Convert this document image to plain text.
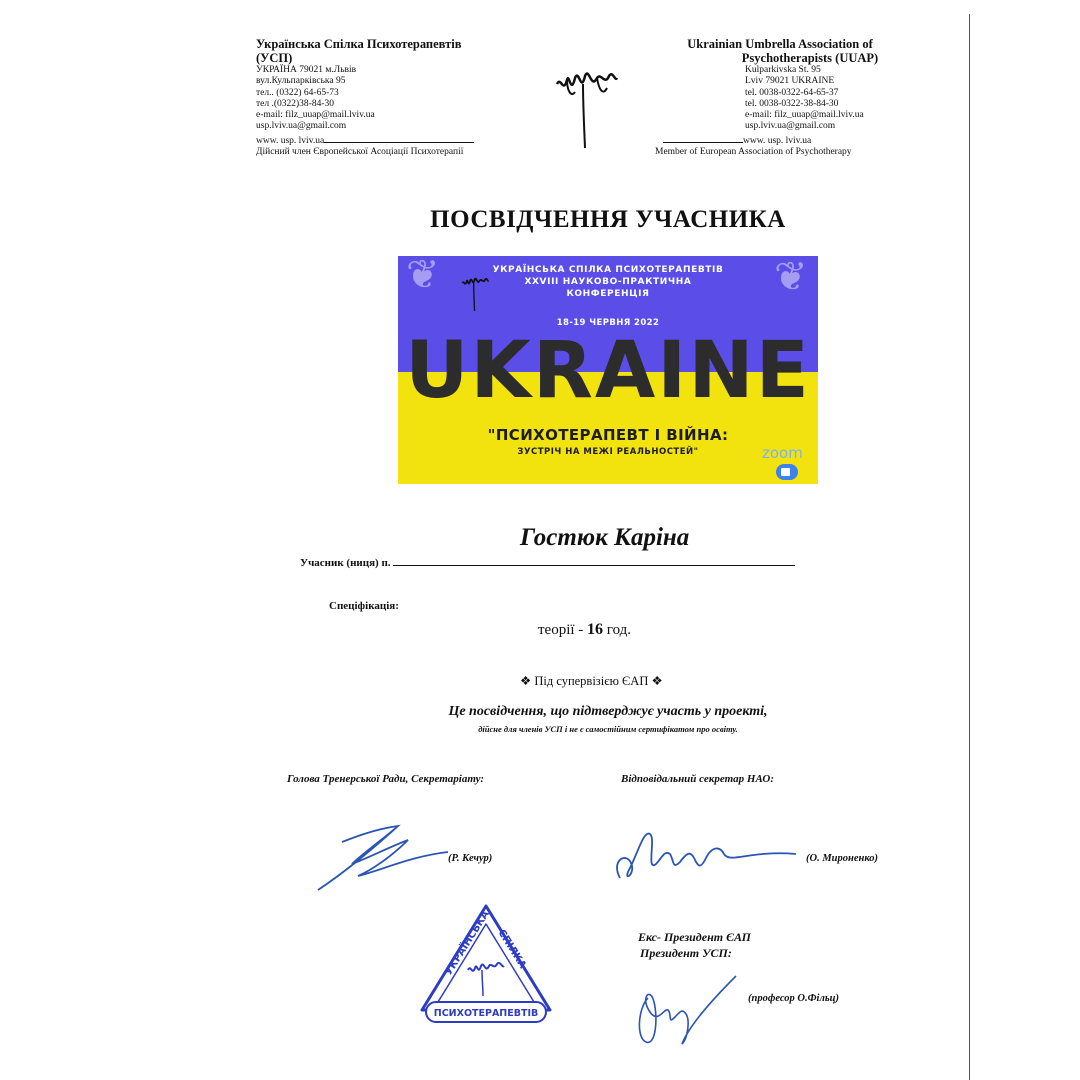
Українська Спілка Психотерапевтів
(УСП)
УКРАЇНА 79021 м.Львів
вул.Кульпарківська 95
тел.. (0322) 64-65-73
тел .(0322)38-84-30
e-mail: filz_uuap@mail.lviv.ua
usp.lviv.ua@gmail.com
www. usp. lviv.ua
Дійсний член Європейської Асоціації Психотерапії
Ukrainian Umbrella Association of
Psychotherapists (UUAP)
Kulparkivska St. 95
Lviv 79021 UKRAINE
tel. 0038-0322-64-65-37
tel. 0038-0322-38-84-30
e-mail: filz_uuap@mail.lviv.ua
usp.lviv.ua@gmail.com
www. usp. lviv.ua
Member of European Association of Psychotherapy
ПОСВІДЧЕННЯ УЧАСНИКА
❦	❦
УКРАЇНСЬКА СПІЛКА ПСИХОТЕРАПЕВТІВ
XXVIII НАУКОВО-ПРАКТИЧНА
КОНФЕРЕНЦІЯ
18-19 ЧЕРВНЯ 2022
UKRAINE
"ПСИХОТЕРАПЕВТ І ВІЙНА:
ЗУСТРІЧ НА МЕЖІ РЕАЛЬНОСТЕЙ"	zoom
Гостюк Каріна
Учасник (ниця) п.
Спеціфікація:
теорії - 16 год.
❖ Під супервізією ЄАП ❖
Це посвідчення, що підтверджує участь у проекті,
дійсне для членів УСП і не є самостійним сертифікатом про освіту.
Голова Тренерської Ради, Секретаріату:	Відповідальний секретар НАО:
(Р. Кечур)	(О. Мироненко)
УКРАЇНСЬКА СПІЛКА
ПСИХОТЕРАПЕВТІВ
Екс- Президент ЄАП
Президент УСП:
(професор О.Фільц)
